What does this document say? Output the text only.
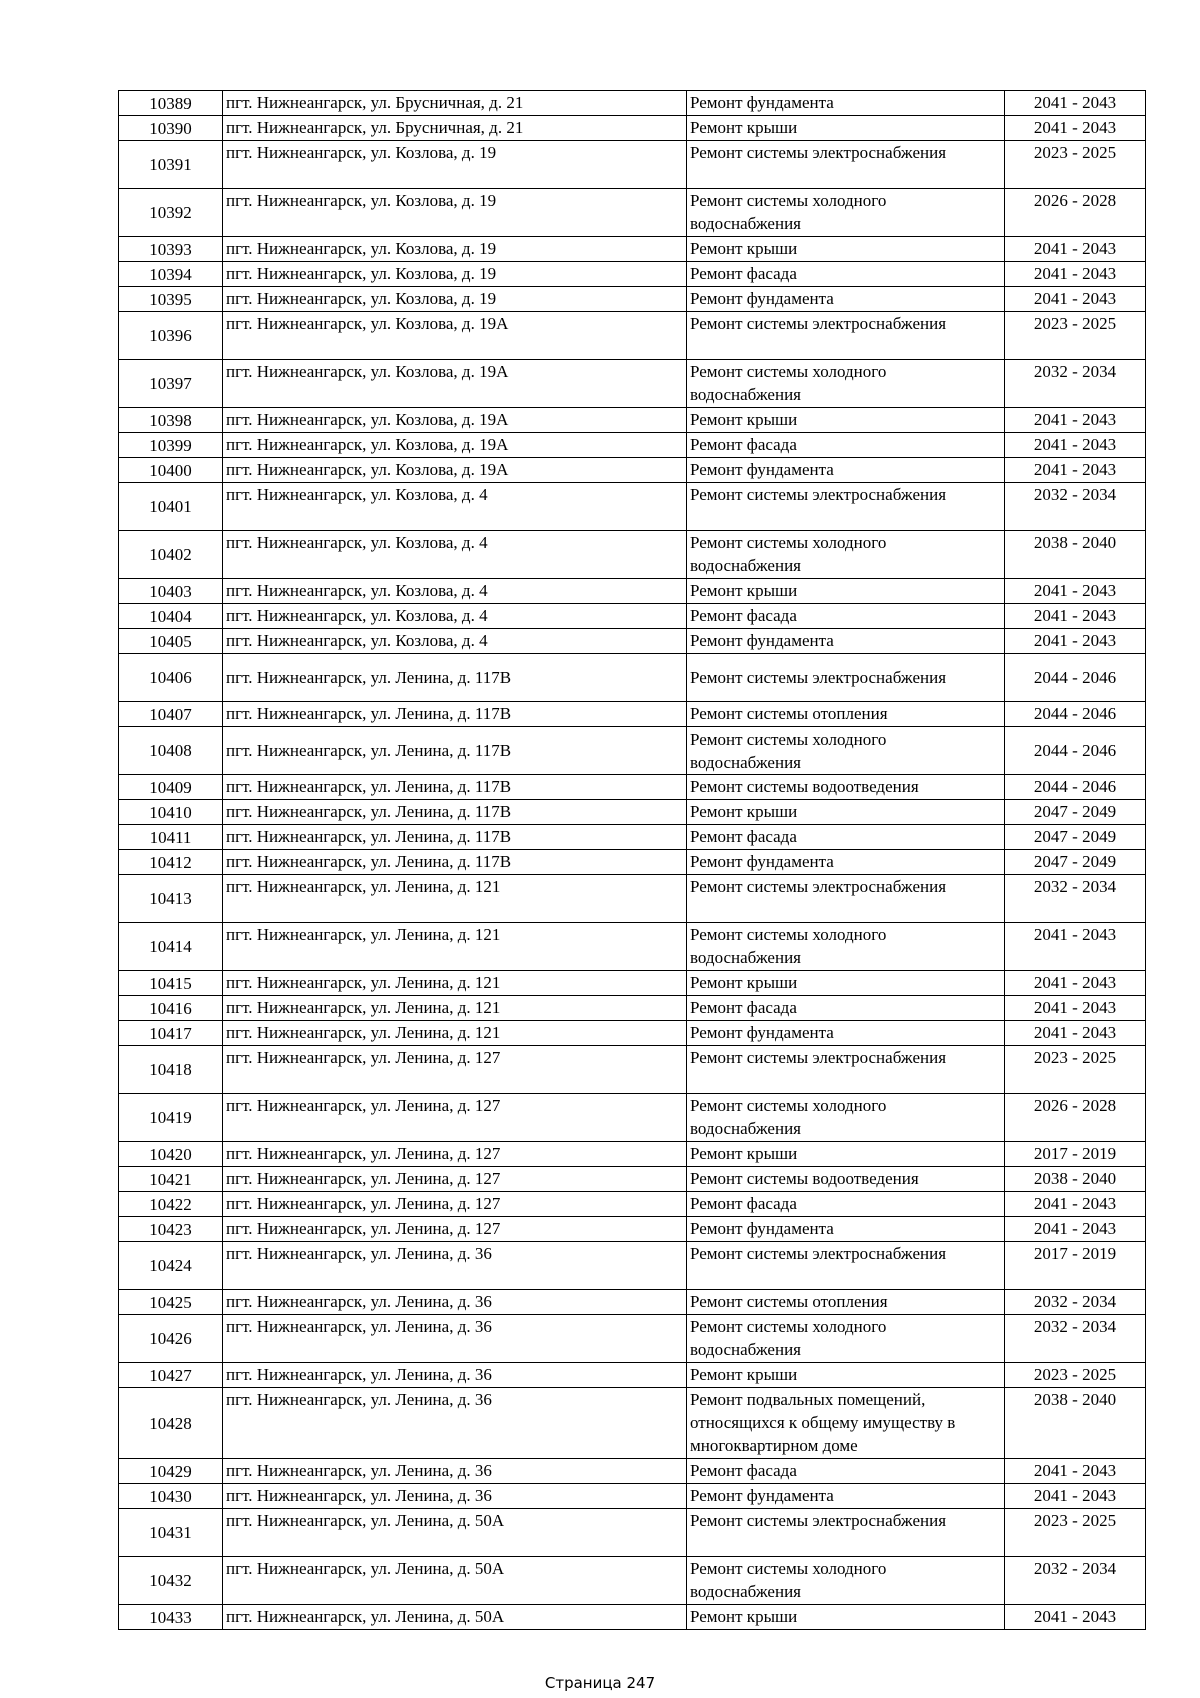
10389	пгт. Нижнеангарск, ул. Брусничная, д. 21	Ремонт фундамента	2041 - 2043
10390	пгт. Нижнеангарск, ул. Брусничная, д. 21	Ремонт крыши	2041 - 2043
10391	пгт. Нижнеангарск, ул. Козлова, д. 19	Ремонт системы электроснабжения	2023 - 2025
10392	пгт. Нижнеангарск, ул. Козлова, д. 19	Ремонт системы холодного водоснабжения	2026 - 2028
10393	пгт. Нижнеангарск, ул. Козлова, д. 19	Ремонт крыши	2041 - 2043
10394	пгт. Нижнеангарск, ул. Козлова, д. 19	Ремонт фасада	2041 - 2043
10395	пгт. Нижнеангарск, ул. Козлова, д. 19	Ремонт фундамента	2041 - 2043
10396	пгт. Нижнеангарск, ул. Козлова, д. 19А	Ремонт системы электроснабжения	2023 - 2025
10397	пгт. Нижнеангарск, ул. Козлова, д. 19А	Ремонт системы холодного водоснабжения	2032 - 2034
10398	пгт. Нижнеангарск, ул. Козлова, д. 19А	Ремонт крыши	2041 - 2043
10399	пгт. Нижнеангарск, ул. Козлова, д. 19А	Ремонт фасада	2041 - 2043
10400	пгт. Нижнеангарск, ул. Козлова, д. 19А	Ремонт фундамента	2041 - 2043
10401	пгт. Нижнеангарск, ул. Козлова, д. 4	Ремонт системы электроснабжения	2032 - 2034
10402	пгт. Нижнеангарск, ул. Козлова, д. 4	Ремонт системы холодного водоснабжения	2038 - 2040
10403	пгт. Нижнеангарск, ул. Козлова, д. 4	Ремонт крыши	2041 - 2043
10404	пгт. Нижнеангарск, ул. Козлова, д. 4	Ремонт фасада	2041 - 2043
10405	пгт. Нижнеангарск, ул. Козлова, д. 4	Ремонт фундамента	2041 - 2043
10406	пгт. Нижнеангарск, ул. Ленина, д. 117В	Ремонт системы электроснабжения	2044 - 2046
10407	пгт. Нижнеангарск, ул. Ленина, д. 117В	Ремонт системы отопления	2044 - 2046
10408	пгт. Нижнеангарск, ул. Ленина, д. 117В	Ремонт системы холодного водоснабжения	2044 - 2046
10409	пгт. Нижнеангарск, ул. Ленина, д. 117В	Ремонт системы водоотведения	2044 - 2046
10410	пгт. Нижнеангарск, ул. Ленина, д. 117В	Ремонт крыши	2047 - 2049
10411	пгт. Нижнеангарск, ул. Ленина, д. 117В	Ремонт фасада	2047 - 2049
10412	пгт. Нижнеангарск, ул. Ленина, д. 117В	Ремонт фундамента	2047 - 2049
10413	пгт. Нижнеангарск, ул. Ленина, д. 121	Ремонт системы электроснабжения	2032 - 2034
10414	пгт. Нижнеангарск, ул. Ленина, д. 121	Ремонт системы холодного водоснабжения	2041 - 2043
10415	пгт. Нижнеангарск, ул. Ленина, д. 121	Ремонт крыши	2041 - 2043
10416	пгт. Нижнеангарск, ул. Ленина, д. 121	Ремонт фасада	2041 - 2043
10417	пгт. Нижнеангарск, ул. Ленина, д. 121	Ремонт фундамента	2041 - 2043
10418	пгт. Нижнеангарск, ул. Ленина, д. 127	Ремонт системы электроснабжения	2023 - 2025
10419	пгт. Нижнеангарск, ул. Ленина, д. 127	Ремонт системы холодного водоснабжения	2026 - 2028
10420	пгт. Нижнеангарск, ул. Ленина, д. 127	Ремонт крыши	2017 - 2019
10421	пгт. Нижнеангарск, ул. Ленина, д. 127	Ремонт системы водоотведения	2038 - 2040
10422	пгт. Нижнеангарск, ул. Ленина, д. 127	Ремонт фасада	2041 - 2043
10423	пгт. Нижнеангарск, ул. Ленина, д. 127	Ремонт фундамента	2041 - 2043
10424	пгт. Нижнеангарск, ул. Ленина, д. 36	Ремонт системы электроснабжения	2017 - 2019
10425	пгт. Нижнеангарск, ул. Ленина, д. 36	Ремонт системы отопления	2032 - 2034
10426	пгт. Нижнеангарск, ул. Ленина, д. 36	Ремонт системы холодного водоснабжения	2032 - 2034
10427	пгт. Нижнеангарск, ул. Ленина, д. 36	Ремонт крыши	2023 - 2025
10428	пгт. Нижнеангарск, ул. Ленина, д. 36	Ремонт подвальных помещений, относящихся к общему имуществу в многоквартирном доме	2038 - 2040
10429	пгт. Нижнеангарск, ул. Ленина, д. 36	Ремонт фасада	2041 - 2043
10430	пгт. Нижнеангарск, ул. Ленина, д. 36	Ремонт фундамента	2041 - 2043
10431	пгт. Нижнеангарск, ул. Ленина, д. 50А	Ремонт системы электроснабжения	2023 - 2025
10432	пгт. Нижнеангарск, ул. Ленина, д. 50А	Ремонт системы холодного водоснабжения	2032 - 2034
10433	пгт. Нижнеангарск, ул. Ленина, д. 50А	Ремонт крыши	2041 - 2043
Страница 247
